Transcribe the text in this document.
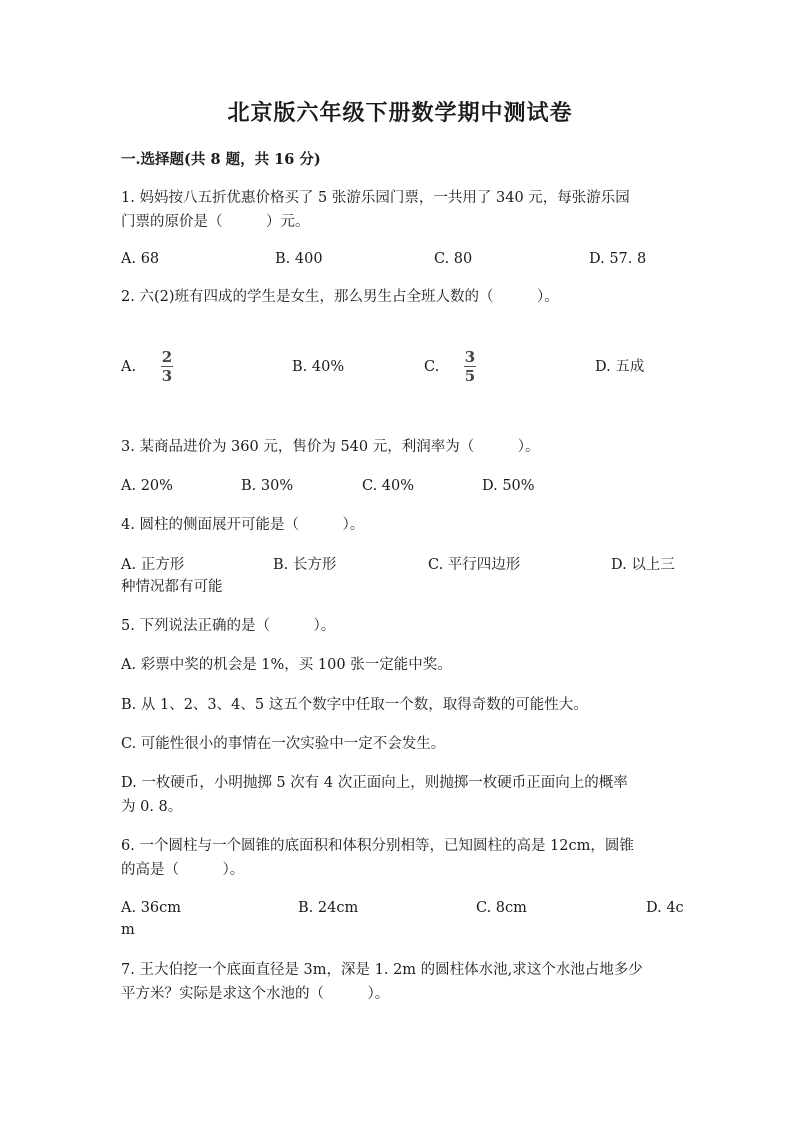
北京版六年级下册数学期中测试卷
一.选择题(共 8 题，共 16 分)
1. 妈妈按八五折优惠价格买了 5 张游乐园门票，一共用了 340 元，每张游乐园
门票的原价是（　　　）元。
A. 68	B. 400	C. 80	D. 57. 8
2. 六(2)班有四成的学生是女生，那么男生占全班人数的（　　　）。
A.
2
3	B. 40%	C.
3
5	D. 五成
3. 某商品进价为 360 元，售价为 540 元，利润率为（　　　）。
A. 20%	B. 30%	C. 40%	D. 50%
4. 圆柱的侧面展开可能是（　　　）。
A. 正方形	B. 长方形	C. 平行四边形	D. 以上三
种情况都有可能
5. 下列说法正确的是（　　　）。
A. 彩票中奖的机会是 1%，买 100 张一定能中奖。
B. 从 1、2、3、4、5 这五个数字中任取一个数，取得奇数的可能性大。
C. 可能性很小的事情在一次实验中一定不会发生。
D. 一枚硬币，小明抛掷 5 次有 4 次正面向上，则抛掷一枚硬币正面向上的概率
为 0. 8。
6. 一个圆柱与一个圆锥的底面积和体积分别相等，已知圆柱的高是 12cm，圆锥
的高是（　　　）。
A. 36cm	B. 24cm	C. 8cm	D. 4c
m
7. 王大伯挖一个底面直径是 3m，深是 1. 2m 的圆柱体水池,求这个水池占地多少
平方米？实际是求这个水池的（　　　）。
